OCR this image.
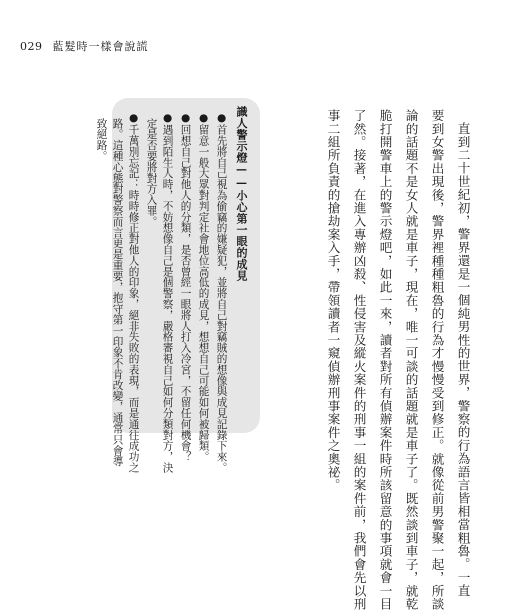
029 藍髮時一樣會說謊
直到二十世紀初，警界還是一個純男性的世界，警察的行為語言皆相當粗魯。一直
要到女警出現後，警界裡種種粗魯的行為才慢慢受到修正。就像從前男警聚一起，所談
論的話題不是女人就是車子，現在，唯一可談的話題就是車子了。既然談到車子，就乾
脆打開警車上的警示燈吧，如此一來，讀者對所有偵辦案件時所該留意的事項就會一目
了然。接著，在進入專辦凶殺、性侵害及縱火案件的刑事一組的案件前，我們會先以刑
事二組所負責的搶劫案入手，帶領讀者一窺偵辦刑事案件之奧祕。
識人警示燈——小心第一眼的成見
●首先將自己視為偷竊的嫌疑犯，並將自己對竊賊的想像與成見記錄下來。
●留意一般大眾對判定社會地位高低的成見，想想自己可能如何被歸類。
●回想自己對他人的分類，是否曾經一眼將人打入冷宮，不留任何機會？
●遇到陌生人時，不妨想像自己是個警察，嚴格審視自己如何分類對方，決
定是否要將對方入罪。
●千萬別忘記：時時修正對他人的印象，絕非失敗的表現，而是通往成功之
路。這種心態對警察而言更是重要，抱守第一印象不肯改變，通常只會導
致絕路。
